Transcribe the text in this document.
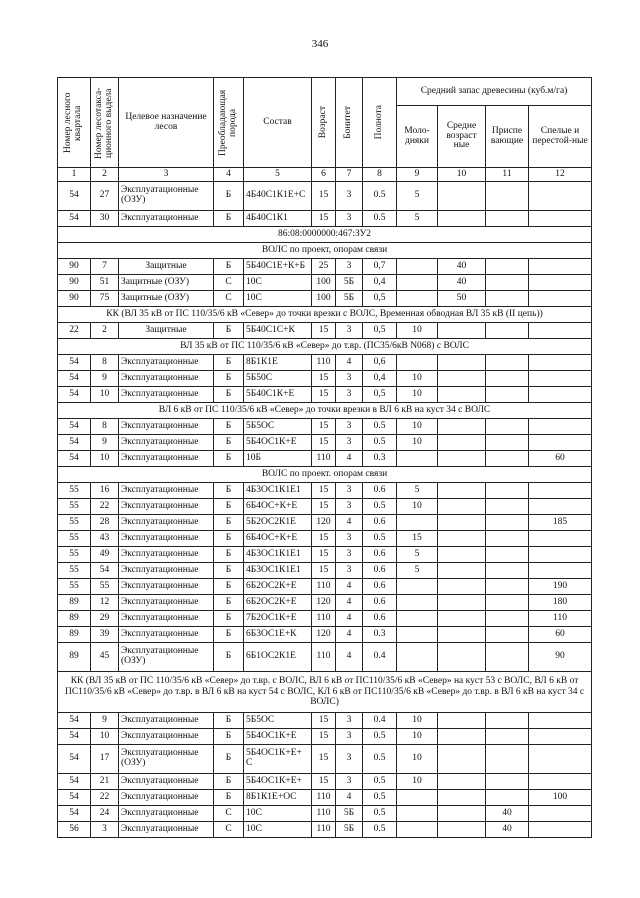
346
Номер лесного квартала	Номер лесотакса-ционного выдела	Целевое назначение лесов	Преобладающая порода	Состав	Возраст	Бонитет	Полнота	Средний запас древесины (куб.м/га)			
								Моло-дняки	Средне возраст ные	Приспе вающие	Спелые и перестой-ные
1	2	3	4	5	6	7	8	9	10	11	12
54	27	Эксплуатационные (ОЗУ)	Б	4Б40С1К1Е+С	15	3	0.5	5			
54	30	Эксплуатационные	Б	4Б40С1К1	15	3	0.5	5			
86:08:0000000:467:ЗУ2											
ВОЛС по проект, опорам связи											
90	7	Защитные	Б	5Б40С1Е+К+Б	25	3	0,7		40		
90	51	Защитные (ОЗУ)	С	10С	100	5Б	0,4		40		
90	75	Защитные (ОЗУ)	С	10С	100	5Б	0,5		50		
КК (ВЛ 35 кВ от ПС 110/35/6 кВ «Север» до точки врезки с ВОЛС, Временная обводная ВЛ 35 кВ (II цепь))											
22	2	Защитные	Б	5Б40С1С+К	15	3	0,5	10			
ВЛ 35 кВ от ПС 110/35/6 кВ «Север» до т.вр. (ПС35/6кВ N068) с ВОЛС											
54	8	Эксплуатационные	Б	8Б1К1Е	110	4	0,6				
54	9	Эксплуатационные	Б	5Б50С	15	3	0,4	10			
54	10	Эксплуатационные	Б	5Б40С1К+Е	15	3	0,5	10			
ВЛ 6 кВ от ПС 110/35/6 кВ «Север» до точки врезки в ВЛ 6 кВ на куст 34 с ВОЛС											
54	8	Эксплуатационные	Б	5Б5ОС	15	3	0.5	10			
54	9	Эксплуатационные	Б	5Б4ОС1К+Е	15	3	0.5	10			
54	10	Эксплуатационные	Б	10Б	110	4	0.3				60
ВОЛС по проект. опорам связи											
55	16	Эксплуатационные	Б	4Б3ОС1К1Е1	15	3	0.6	5			
55	22	Эксплуатационные	Б	6Б4ОС+К+Е	15	3	0.5	10			
55	28	Эксплуатационные	Б	5Б2ОС2К1Е	120	4	0.6				185
55	43	Эксплуатационные	Б	6Б4ОС+К+Е	15	3	0.5	15			
55	49	Эксплуатационные	Б	4Б3ОС1К1Е1	15	3	0.6	5			
55	54	Эксплуатационные	Б	4Б3ОС1К1Е1	15	3	0.6	5			
55	55	Эксплуатационные	Б	6Б2ОС2К+Е	110	4	0.6				190
89	12	Эксплуатационные	Б	6Б2ОС2К+Е	120	4	0.6				180
89	29	Эксплуатационные	Б	7Б2ОС1К+Е	110	4	0.6				110
89	39	Эксплуатационные	Б	6Б3ОС1Е+К	120	4	0.3				60
89	45	Эксплуатационные (ОЗУ)	Б	6Б1ОС2К1Е	110	4	0.4				90
КК (ВЛ 35 кВ от ПС 110/35/6 кВ «Север» до т.вр. с ВОЛС, ВЛ 6 кВ от ПС110/35/6 кВ «Север» на куст 53 с ВОЛС, ВЛ 6 кВ от ПС110/35/6 кВ «Север» до т.вр. в ВЛ 6 кВ на куст 54 с ВОЛС, КЛ 6 кВ от ПС110/35/6 кВ «Север» до т.вр. в ВЛ 6 кВ на куст 34 с ВОЛС)											
54	9	Эксплуатационные	Б	5Б5ОС	15	3	0.4	10			
54	10	Эксплуатационные	Б	5Б4ОС1К+Е	15	3	0.5	10			
54	17	Эксплуатационные (ОЗУ)	Б	5Б4ОС1К+Е+ С	15	3	0.5	10			
54	21	Эксплуатационные	Б	5Б4ОС1К+Е+	15	3	0.5	10			
54	22	Эксплуатационные	Б	8Б1К1Е+ОС	110	4	0.5				100
54	24	Эксплуатационные	С	10С	110	5Б	0.5			40	
56	3	Эксплуатационные	С	10С	110	5Б	0.5			40	
